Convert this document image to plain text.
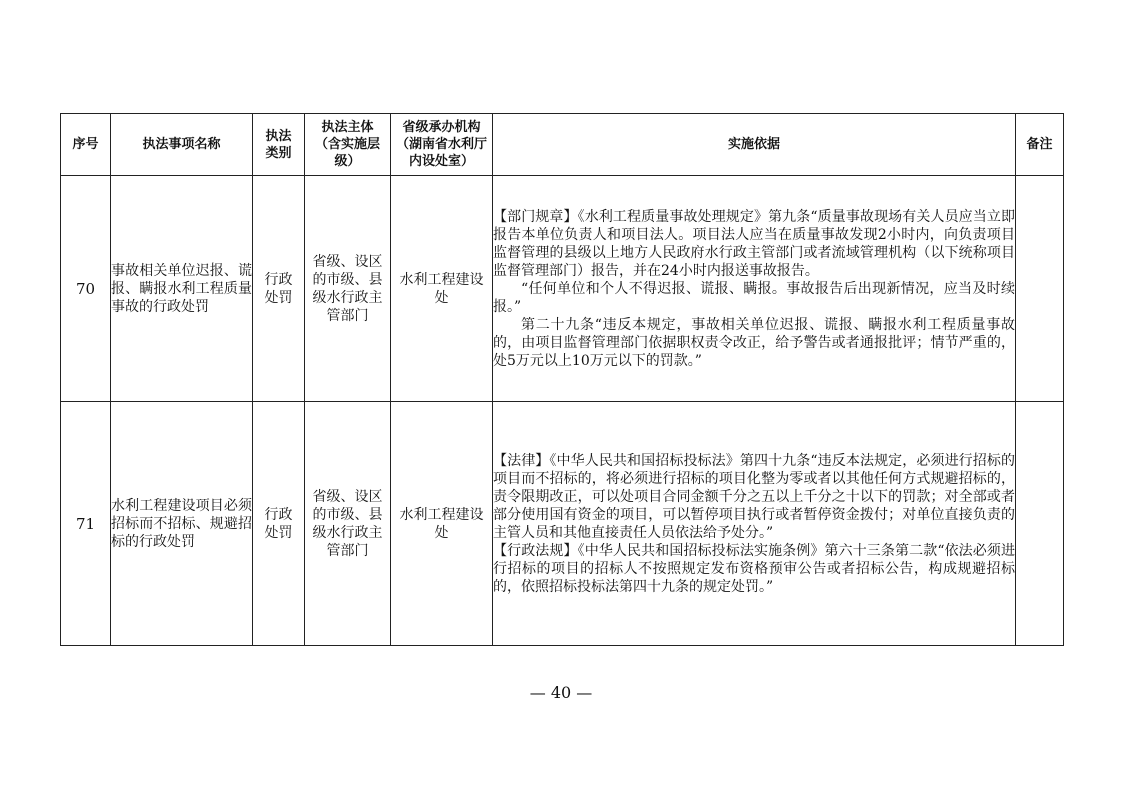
序号	执法事项名称	执法类别	执法主体（含实施层级）	省级承办机构（湖南省水利厅内设处室）	实施依据	备注
70	事故相关单位迟报、谎报、瞒报水利工程质量事故的行政处罚	行政处罚	省级、设区的市级、县级水行政主管部门	水利工程建设处	【部门规章】《水利工程质量事故处理规定》第九条“质量事故现场有关人员应当立即报告本单位负责人和项目法人。项目法人应当在质量事故发现2小时内，向负责项目监督管理的县级以上地方人民政府水行政主管部门或者流域管理机构（以下统称项目监督管理部门）报告，并在24小时内报送事故报告。

“任何单位和个人不得迟报、谎报、瞒报。事故报告后出现新情况，应当及时续报。”

第二十九条“违反本规定，事故相关单位迟报、谎报、瞒报水利工程质量事故的，由项目监督管理部门依据职权责令改正，给予警告或者通报批评；情节严重的，处5万元以上10万元以下的罚款。”	

71	水利工程建设项目必须招标而不招标、规避招标的行政处罚	行政处罚	省级、设区的市级、县级水行政主管部门	水利工程建设处	【法律】《中华人民共和国招标投标法》第四十九条“违反本法规定，必须进行招标的项目而不招标的，将必须进行招标的项目化整为零或者以其他任何方式规避招标的，责令限期改正，可以处项目合同金额千分之五以上千分之十以下的罚款；对全部或者部分使用国有资金的项目，可以暂停项目执行或者暂停资金拨付；对单位直接负责的主管人员和其他直接责任人员依法给予处分。”

【行政法规】《中华人民共和国招标投标法实施条例》第六十三条第二款“依法必须进行招标的项目的招标人不按照规定发布资格预审公告或者招标公告，构成规避招标的，依照招标投标法第四十九条的规定处罚。”	

— 40 —
